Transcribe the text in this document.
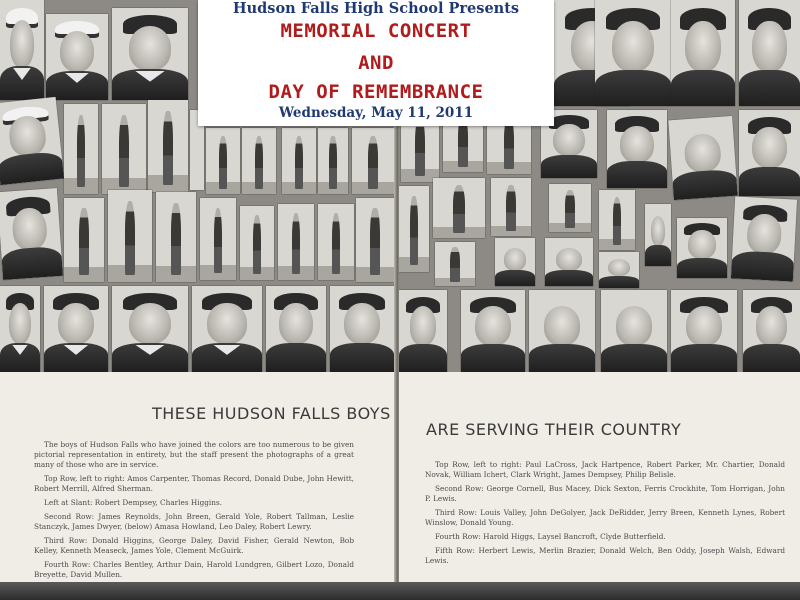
THESE HUDSON FALLS BOYS

The boys of Hudson Falls who have joined the colors are too numerous to be given pictorial representation in entirety, but the staff present the photographs of a great many of those who are in service.

Top Row, left to right: Amos Carpenter, Thomas Record, Donald Dube, John Hewitt, Robert Merrill, Alfred Sherman.

Left at Slant: Robert Dempsey, Charles Higgins.

Second Row: James Reynolds, John Breen, Gerald Yole, Robert Tallman, Leslie Stanczyk, James Dwyer, (below) Amasa Howland, Leo Daley, Robert Lewry.

Third Row: Donald Higgins, George Daley, David Fisher, Gerald Newton, Bob Kelley, Kenneth Measeck, James Yole, Clement McGuirk.

Fourth Row: Charles Bentley, Arthur Dain, Harold Lundgren, Gilbert Lozo, Donald Breyette, David Mullen.

ARE SERVING THEIR COUNTRY

Top Row, left to right: Paul LaCross, Jack Hartpence, Robert Parker, Mr. Chartier, Donald Novak, William Ichert, Clark Wright, James Dempsey, Philip Belisle.

Second Row: George Cornell, Bus Macey, Dick Sexton, Ferris Crockhite, Tom Horrigan, John P. Lewis.

Third Row: Louis Valley, John DeGolyer, Jack DeRidder, Jerry Breen, Kenneth Lynes, Robert Winslow, Donald Young.

Fourth Row: Harold Higgs, Laysel Bancroft, Clyde Butterfield.

Fifth Row: Herbert Lewis, Merlin Brazier, Donald Welch, Ben Oddy, Joseph Walsh, Edward Lewis.

Hudson Falls High School Presents
MEMORIAL CONCERT
AND
DAY OF REMEMBRANCE
Wednesday, May 11, 2011
